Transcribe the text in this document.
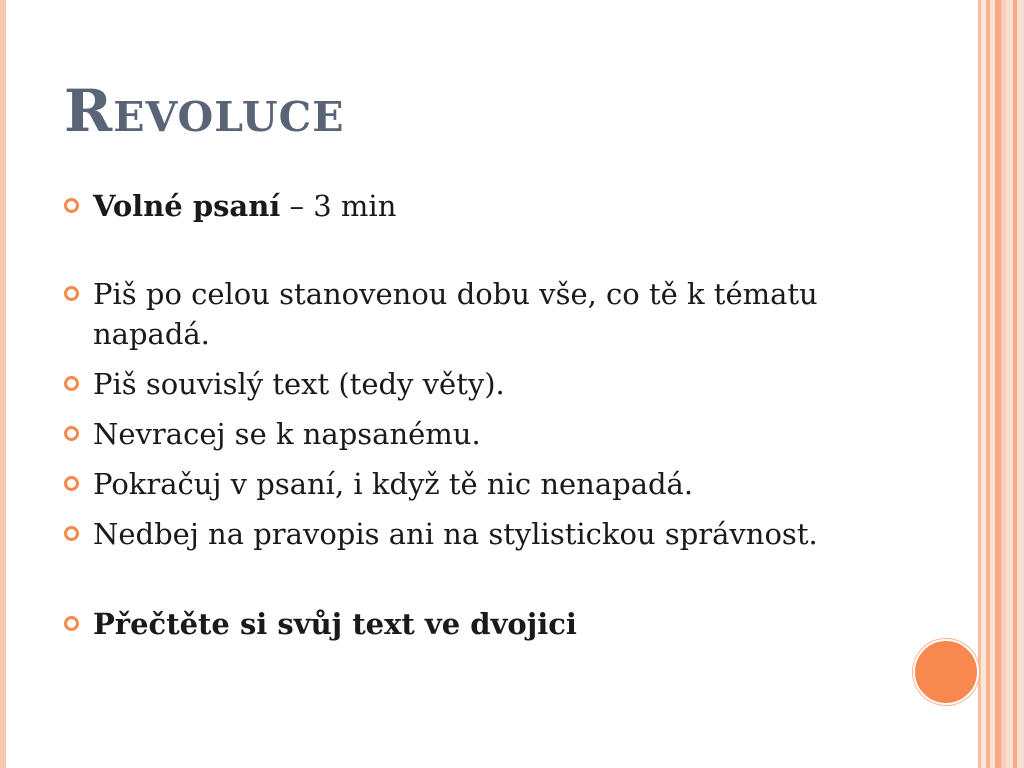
Revoluce
Volné psaní – 3 min
Piš po celou stanovenou dobu vše, co tě k tématu napadá.
Piš souvislý text (tedy věty).
Nevracej se k napsanému.
Pokračuj v psaní, i když tě nic nenapadá.
Nedbej na pravopis ani na stylistickou správnost.
Přečtěte si svůj text ve dvojici
